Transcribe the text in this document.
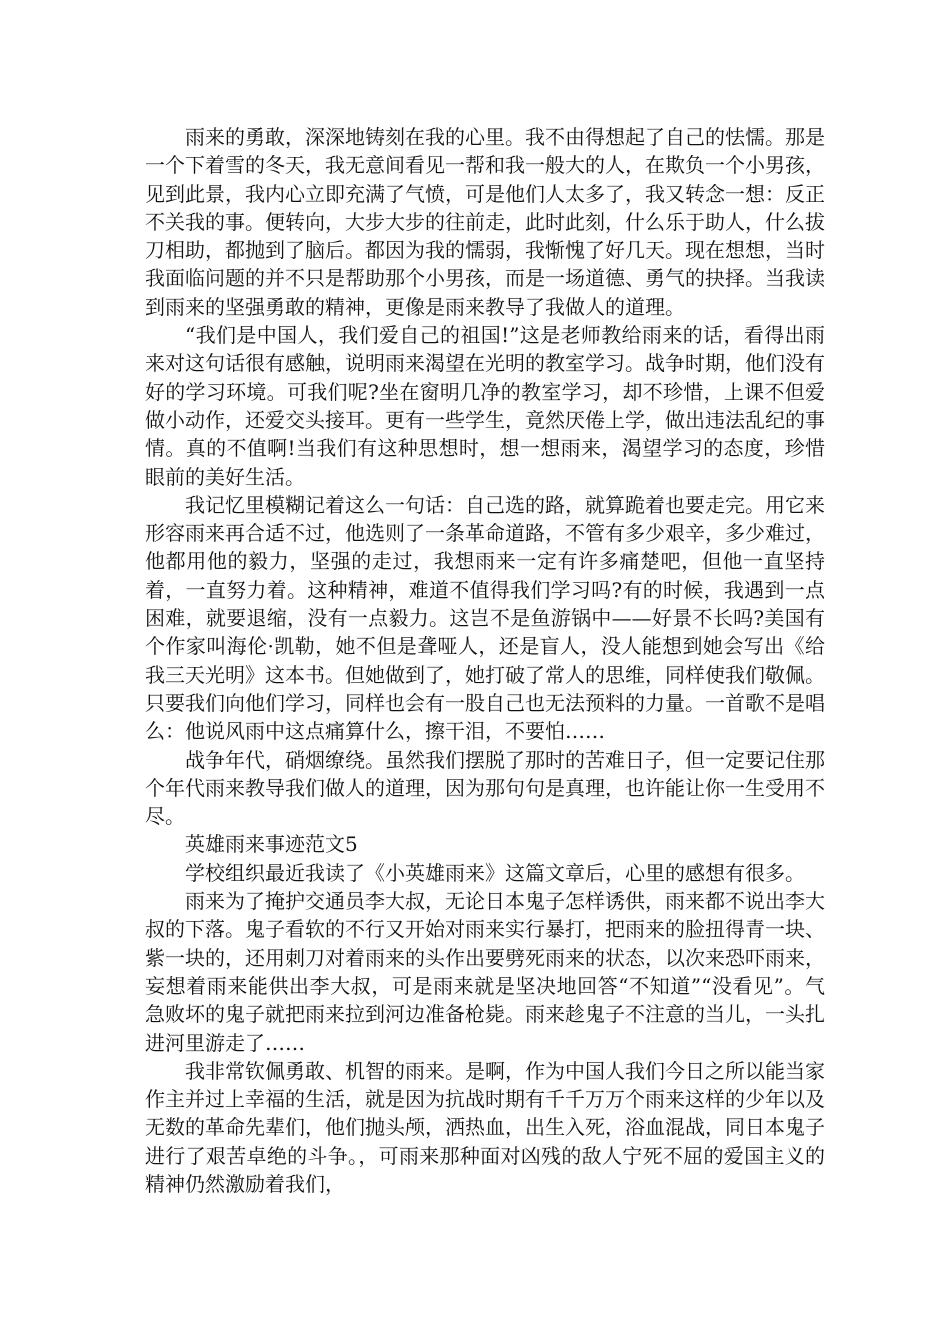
雨来的勇敢，深深地铸刻在我的心里。我不由得想起了自己的怯懦。那是一个下着雪的冬天，我无意间看见一帮和我一般大的人，在欺负一个小男孩，见到此景，我内心立即充满了气愤，可是他们人太多了，我又转念一想：反正不关我的事。便转向，大步大步的往前走，此时此刻，什么乐于助人，什么拔刀相助，都抛到了脑后。都因为我的懦弱，我惭愧了好几天。现在想想，当时我面临问题的并不只是帮助那个小男孩，而是一场道德、勇气的抉择。当我读到雨来的坚强勇敢的精神，更像是雨来教导了我做人的道理。

“我们是中国人，我们爱自己的祖国!”这是老师教给雨来的话，看得出雨来对这句话很有感触，说明雨来渴望在光明的教室学习。战争时期，他们没有好的学习环境。可我们呢?坐在窗明几净的教室学习，却不珍惜，上课不但爱做小动作，还爱交头接耳。更有一些学生，竟然厌倦上学，做出违法乱纪的事情。真的不值啊!当我们有这种思想时，想一想雨来，渴望学习的态度，珍惜眼前的美好生活。

我记忆里模糊记着这么一句话：自己选的路，就算跪着也要走完。用它来形容雨来再合适不过，他选则了一条革命道路，不管有多少艰辛，多少难过，他都用他的毅力，坚强的走过，我想雨来一定有许多痛楚吧，但他一直坚持着，一直努力着。这种精神，难道不值得我们学习吗?有的时候，我遇到一点困难，就要退缩，没有一点毅力。这岂不是鱼游锅中——好景不长吗?美国有个作家叫海伦·凯勒，她不但是聋哑人，还是盲人，没人能想到她会写出《给我三天光明》这本书。但她做到了，她打破了常人的思维，同样使我们敬佩。只要我们向他们学习，同样也会有一股自己也无法预料的力量。一首歌不是唱么：他说风雨中这点痛算什么，擦干泪，不要怕……

战争年代，硝烟缭绕。虽然我们摆脱了那时的苦难日子，但一定要记住那个年代雨来教导我们做人的道理，因为那句句是真理，也许能让你一生受用不尽。

英雄雨来事迹范文5

学校组织最近我读了《小英雄雨来》这篇文章后，心里的感想有很多。

雨来为了掩护交通员李大叔，无论日本鬼子怎样诱供，雨来都不说出李大叔的下落。鬼子看软的不行又开始对雨来实行暴打，把雨来的脸扭得青一块、紫一块的，还用刺刀对着雨来的头作出要劈死雨来的状态，以次来恐吓雨来，妄想着雨来能供出李大叔，可是雨来就是坚决地回答“不知道”“没看见”。气急败坏的鬼子就把雨来拉到河边准备枪毙。雨来趁鬼子不注意的当儿，一头扎进河里游走了……

我非常钦佩勇敢、机智的雨来。是啊，作为中国人我们今日之所以能当家作主并过上幸福的生活，就是因为抗战时期有千千万万个雨来这样的少年以及无数的革命先辈们，他们抛头颅，洒热血，出生入死，浴血混战，同日本鬼子进行了艰苦卓绝的斗争。，可雨来那种面对凶残的敌人宁死不屈的爱国主义的精神仍然激励着我们，
